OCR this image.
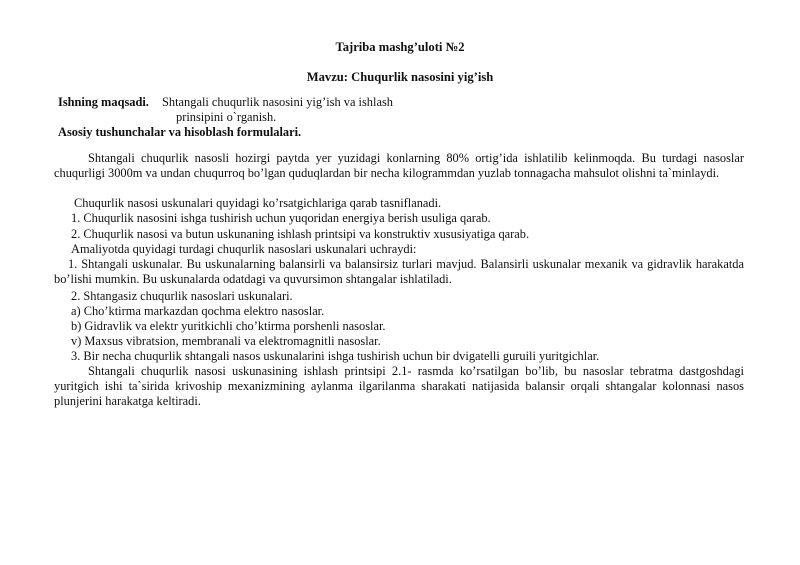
Tajriba mashg’uloti №2
Mavzu: Chuqurlik nasosini yig’ish
Ishning maqsadi. Shtangali chuqurlik nasosini yig’ish va ishlash
prinsipini o`rganish.
Asosiy tushunchalar va hisoblash formulalari.

Shtangali chuqurlik nasosli hozirgi paytda yer yuzidagi konlarning 80% ortig’ida ishlatilib kelinmoqda. Bu turdagi nasoslar chuqurligi 3000m va undan chuqurroq bo’lgan quduqlardan bir necha kilogrammdan yuzlab tonnagacha mahsulot olishni ta`minlaydi.

Chuqurlik nasosi uskunalari quyidagi ko’rsatgichlariga qarab tasniflanadi.
1. Chuqurlik nasosini ishga tushirish uchun yuqoridan energiya berish usuliga qarab.
2. Chuqurlik nasosi va butun uskunaning ishlash printsipi va konstruktiv xususiyatiga qarab.
Amaliyotda quyidagi turdagi chuqurlik nasoslari uskunalari uchraydi:

1. Shtangali uskunalar. Bu uskunalarning balansirli va balansirsiz turlari mavjud. Balansirli uskunalar mexanik va gidravlik harakatda bo’lishi mumkin. Bu uskunalarda odatdagi va quvursimon shtangalar ishlatiladi.

2. Shtangasiz chuqurlik nasoslari uskunalari.
a) Cho’ktirma markazdan qochma elektro nasoslar.
b) Gidravlik va elektr yuritkichli cho’ktirma porshenli nasoslar.
v) Maxsus vibratsion, membranali va elektromagnitli nasoslar.
3. Bir necha chuqurlik shtangali nasos uskunalarini ishga tushirish uchun bir dvigatelli guruili yuritgichlar.

Shtangali chuqurlik nasosi uskunasining ishlash printsipi 2.1- rasmda ko’rsatilgan bo’lib, bu nasoslar tebratma dastgoshdagi yuritgich ishi ta`sirida krivoship mexanizmining aylanma ilgarilanma sharakati natijasida balansir orqali shtangalar kolonnasi nasos plunjerini harakatga keltiradi.
